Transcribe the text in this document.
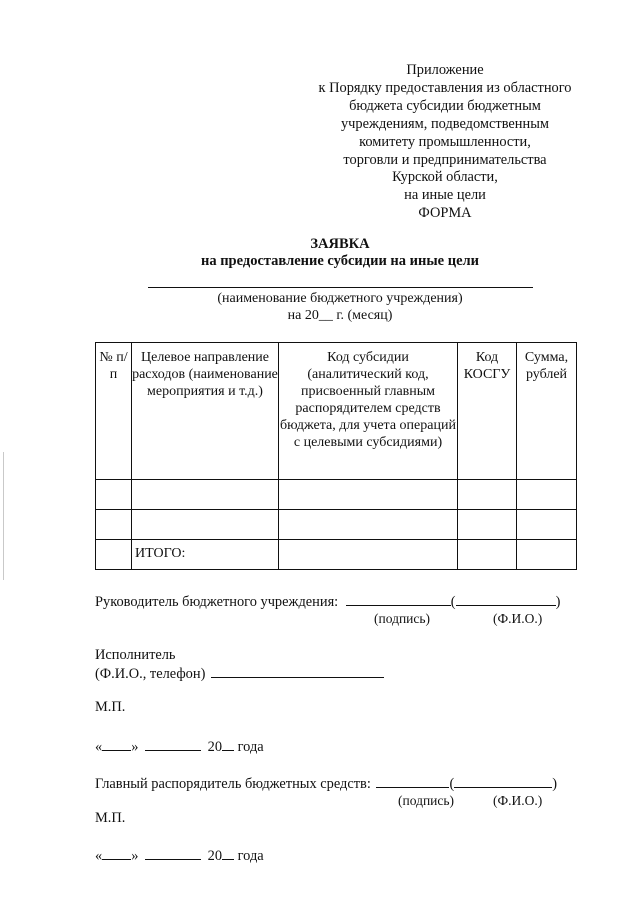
Приложение
к Порядку предоставления из областного
бюджета субсидии бюджетным
учреждениям, подведомственным
комитету промышленности,
торговли и предпринимательства
Курской области,
на иные цели
ФОРМА
ЗАЯВКА
на предоставление субсидии на иные цели
(наименование бюджетного учреждения)
на 20__ г. (месяц)
№ п/п	Целевое направление расходов (наименование мероприятия и т.д.)	Код субсидии (аналитический код, присвоенный главным распорядителем средств бюджета, для учета операций с целевыми субсидиями)	Код КОСГУ	Сумма, рублей

	ИТОГО:			
Руководитель бюджетного учреждения:	(	)
(подпись)	(Ф.И.О.)
Исполнитель
(Ф.И.О., телефон)
М.П.
« »	20 года
Главный распорядитель бюджетных средств:	(	)
(подпись)	(Ф.И.О.)
М.П.
« »	20 года
